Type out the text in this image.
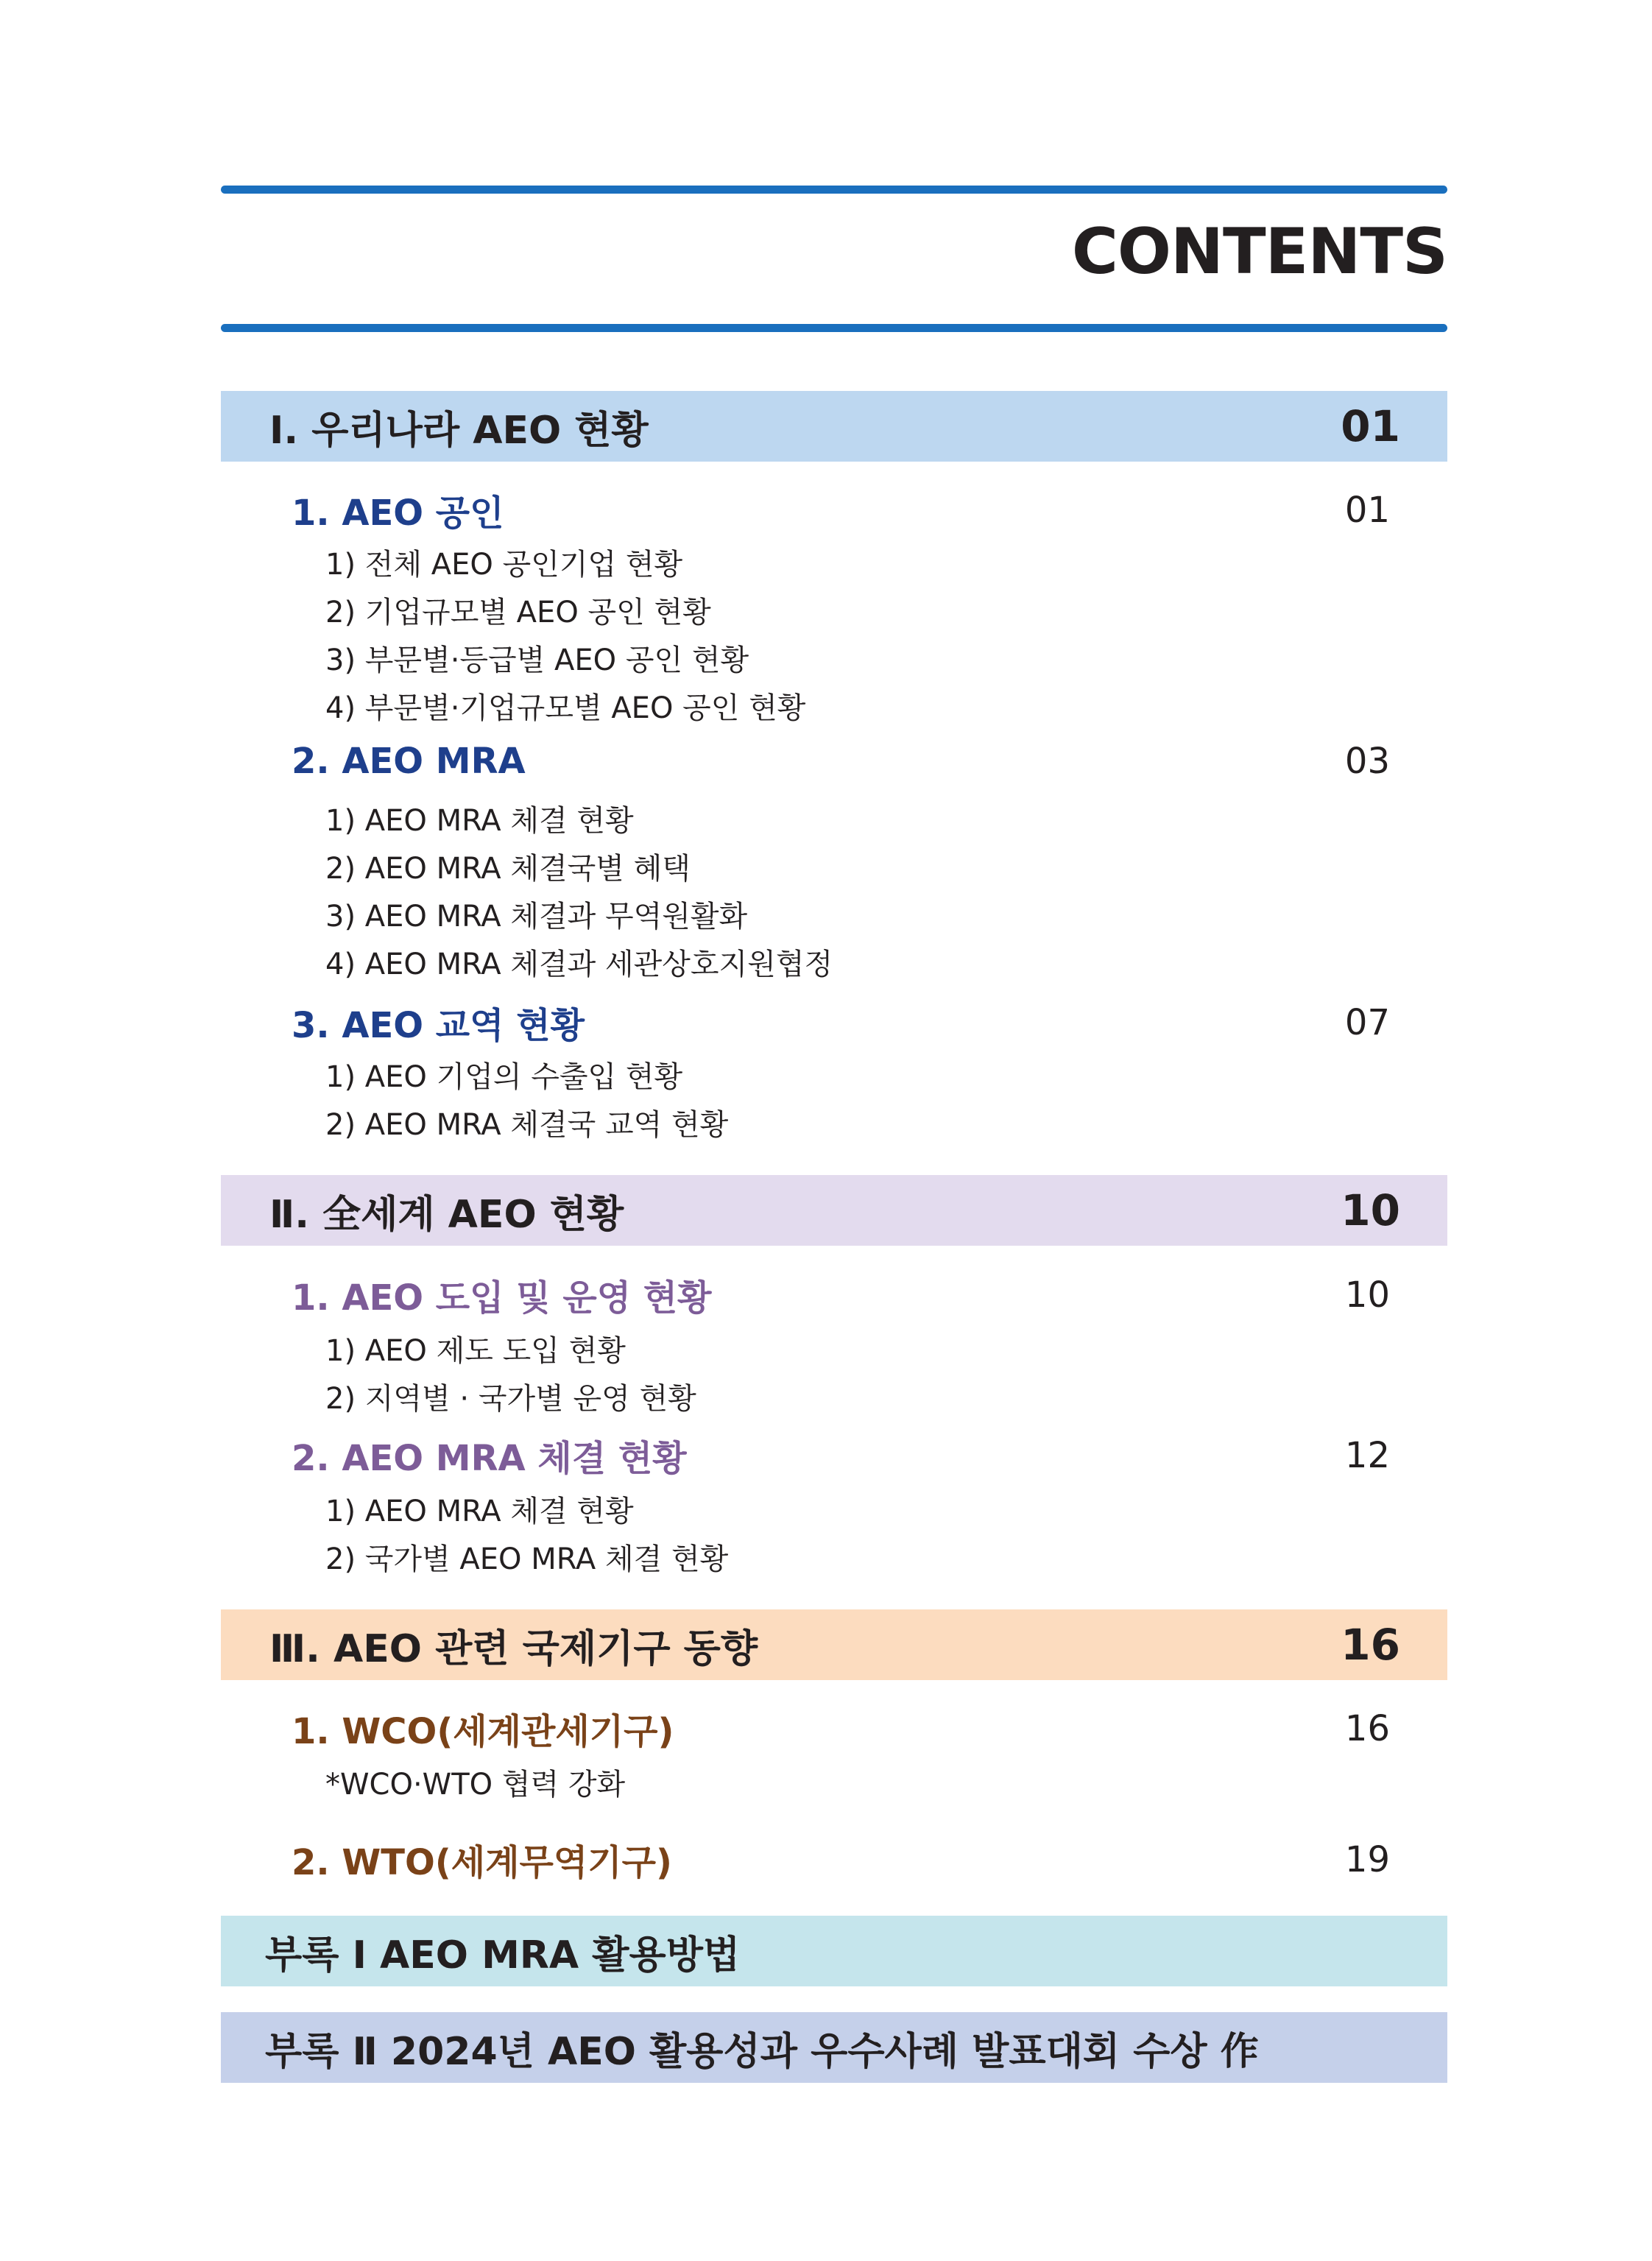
CONTENTS
Ⅰ. 우리나라 AEO 현황	01
1. AEO 공인	01
1) 전체 AEO 공인기업 현황
2) 기업규모별 AEO 공인 현황
3) 부문별·등급별 AEO 공인 현황
4) 부문별·기업규모별 AEO 공인 현황
2. AEO MRA	03
1) AEO MRA 체결 현황
2) AEO MRA 체결국별 혜택
3) AEO MRA 체결과 무역원활화
4) AEO MRA 체결과 세관상호지원협정
3. AEO 교역 현황	07
1) AEO 기업의 수출입 현황
2) AEO MRA 체결국 교역 현황
Ⅱ. 全세계 AEO 현황	10
1. AEO 도입 및 운영 현황	10
1) AEO 제도 도입 현황
2) 지역별 · 국가별 운영 현황
2. AEO MRA 체결 현황	12
1) AEO MRA 체결 현황
2) 국가별 AEO MRA 체결 현황
Ⅲ. AEO 관련 국제기구 동향	16
1. WCO(세계관세기구)	16
*WCO·WTO 협력 강화
2. WTO(세계무역기구)	19
부록 Ⅰ AEO MRA 활용방법
부록 Ⅱ 2024년 AEO 활용성과 우수사례 발표대회 수상 作
